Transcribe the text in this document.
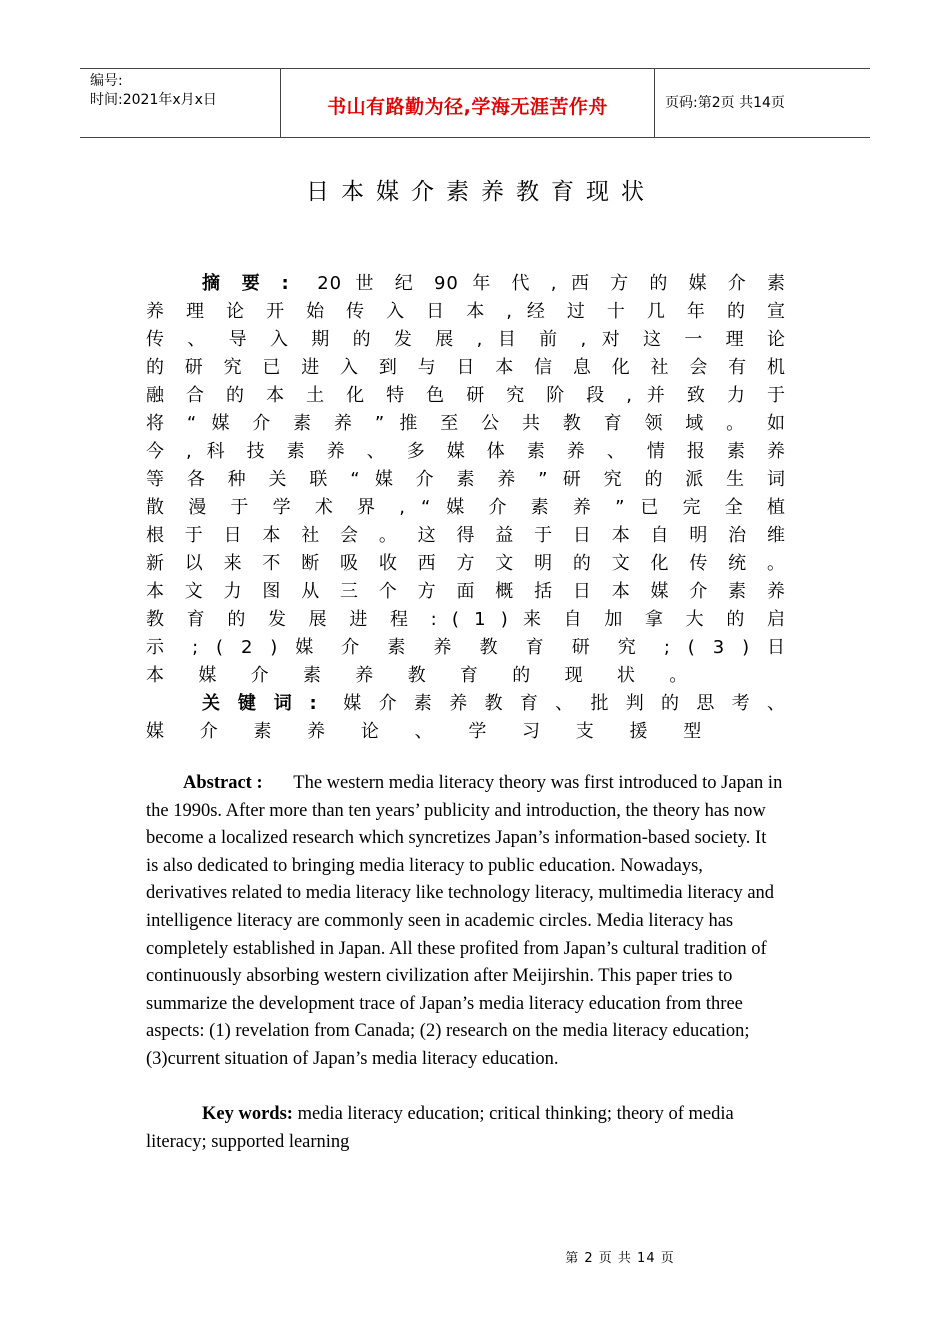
编号:
时间:2021年x月x日	书山有路勤为径,学海无涯苦作舟	页码:第2页 共14页
日本媒介素养教育现状
摘 要 : 20 世 纪 90 年 代 , 西 方 的 媒 介 素
养 理 论 开 始 传 入 日 本 , 经 过 十 几 年 的 宣
传 、 导 入 期 的 发 展 , 目 前 , 对 这 一 理 论
的 研 究 已 进 入 到 与 日 本 信 息 化 社 会 有 机
融 合 的 本 土 化 特 色 研 究 阶 段 , 并 致 力 于
将 “ 媒 介 素 养 ” 推 至 公 共 教 育 领 域 。 如
今 , 科 技 素 养 、 多 媒 体 素 养 、 情 报 素 养
等 各 种 关 联 “ 媒 介 素 养 ” 研 究 的 派 生 词
散 漫 于 学 术 界 , “ 媒 介 素 养 ” 已 完 全 植
根 于 日 本 社 会 。 这 得 益 于 日 本 自 明 治 维
新 以 来 不 断 吸 收 西 方 文 明 的 文 化 传 统 。
本 文 力 图 从 三 个 方 面 概 括 日 本 媒 介 素 养
教 育 的 发 展 进 程 : ( 1 ) 来 自 加 拿 大 的 启
示 ; ( 2 ) 媒 介 素 养 教 育 研 究 ; ( 3 ) 日
本 媒 介 素 养 教 育 的 现 状 。
关 键 词 : 媒 介 素 养 教 育 、 批 判 的 思 考 、
媒 介 素 养 论 、 学 习 支 援 型
Abstract : The western media literacy theory was first introduced to Japan in
the 1990s. After more than ten years’ publicity and introduction, the theory has now
become a localized research which syncretizes Japan’s information-based society. It
is also dedicated to bringing media literacy to public education. Nowadays,
derivatives related to media literacy like technology literacy, multimedia literacy and
intelligence literacy are commonly seen in academic circles. Media literacy has
completely established in Japan. All these profited from Japan’s cultural tradition of
continuously absorbing western civilization after Meijirshin. This paper tries to
summarize the development trace of Japan’s media literacy education from three
aspects: (1) revelation from Canada; (2) research on the media literacy education;
(3)current situation of Japan’s media literacy education.
Key words: media literacy education; critical thinking; theory of media
literacy; supported learning
第 2 页 共 14 页
